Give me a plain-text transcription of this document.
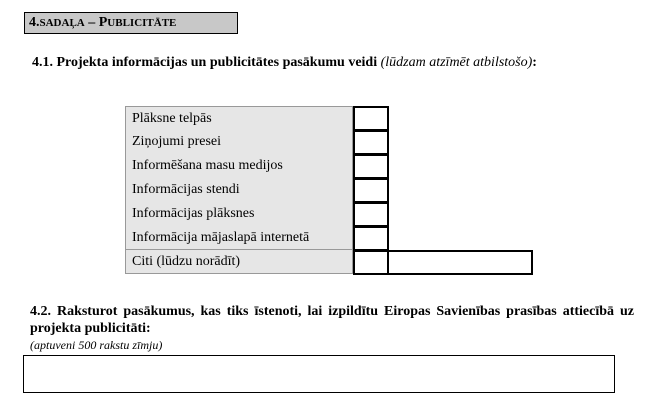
4.SADAĻA – PUBLICITĀTE
4.1. Projekta informācijas un publicitātes pasākumu veidi (lūdzam atzīmēt atbilstošo):
Plāksne telpās
Ziņojumi presei
Informēšana masu medijos
Informācijas stendi
Informācijas plāksnes
Informācija mājaslapā internetā
Citi (lūdzu norādīt)
4.2. Raksturot pasākumus, kas tiks īstenoti, lai izpildītu Eiropas Savienības prasības attiecībā uz projekta publicitāti:
(aptuveni 500 rakstu zīmju)
